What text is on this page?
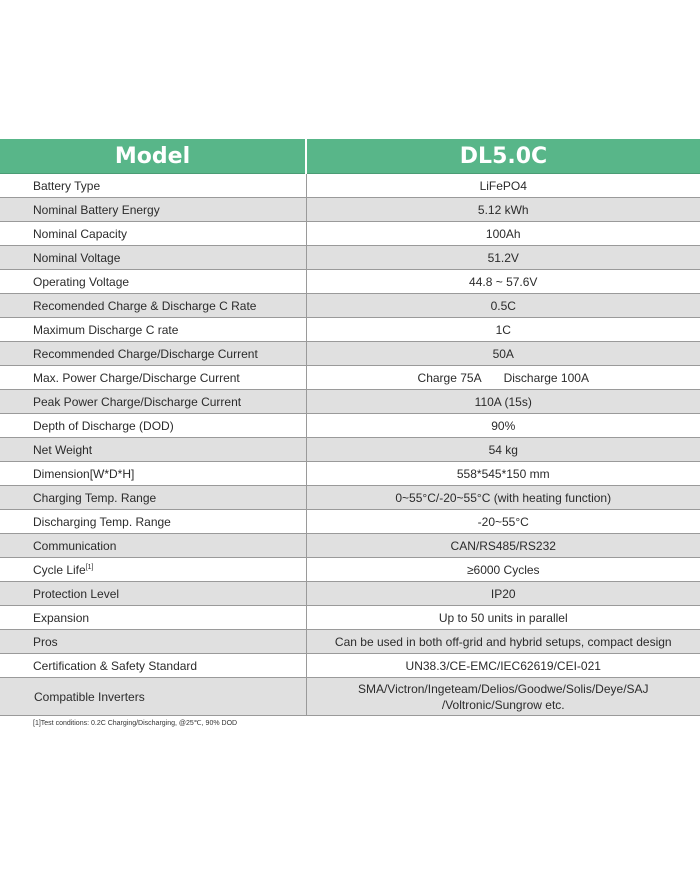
Model	DL5.0C
Battery Type	LiFePO4
Nominal Battery Energy	5.12 kWh
Nominal Capacity	100Ah
Nominal Voltage	51.2V
Operating Voltage	44.8 ~ 57.6V
Recomended Charge & Discharge C Rate	0.5C
Maximum Discharge C rate	1C
Recommended Charge/Discharge Current	50A
Max. Power Charge/Discharge Current	Charge 75A Discharge 100A
Peak Power Charge/Discharge Current	110A (15s)
Depth of Discharge (DOD)	90%
Net Weight	54 kg
Dimension[W*D*H]	558*545*150 mm
Charging Temp. Range	0~55°C/-20~55°C (with heating function)
Discharging Temp. Range	-20~55°C
Communication	CAN/RS485/RS232
Cycle Life[1]	≥6000 Cycles
Protection Level	IP20
Expansion	Up to 50 units in parallel
Pros	Can be used in both off-grid and hybrid setups, compact design
Certification & Safety Standard	UN38.3/CE-EMC/IEC62619/CEI-021
Compatible Inverters	SMA/Victron/Ingeteam/Delios/Goodwe/Solis/Deye/SAJ /Voltronic/Sungrow etc.
[1]Test conditions: 0.2C Charging/Discharging, @25℃, 90% DOD
